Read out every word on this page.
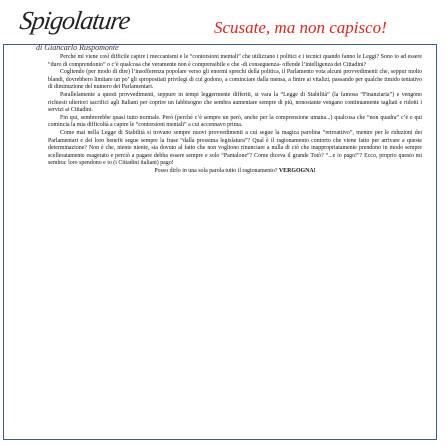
Spigolature
di Giancarlo Ruspomonte
Scusate, ma non capisco!

Perché mi viene così difficile capire i meccanismi e le “contorsioni mentali” che utilizzano i politici e i tecnici quando fanno le Leggi? Sono io ad essere “duro di comprendonio” o c’è qualcosa che veramente non è comprensibile e che -di conseguenza- offende l’intelligenza dei Cittadini?

Cogliendo (per modo di dire) l’insofferenza popolare verso gli enormi sprechi della politica, il Parlamento vota alcuni provvedimenti che, seppur molto blandi, dovrebbero limitare un po’ gli spropositati privilegi di cui godono, a cominciare dalla mensa, a finire ai vitalizi, passando per qualche timido tentativo di diminuzione del numero dei Parlamentari.

Parallelamente a questi provvedimenti, seppure in tempi leggermente differiti, si vara la “Legge di Stabilità” (la famosa “Finanziaria”) e vengono richiesti ulteriori sacrifici agli Italiani per coprire un fabbisogno che sembra aumentare sempre di più, nonostante vengano continuamente tagliati e ridotti i servizi ai Cittadini.

Fin qui, sembrerebbe quasi tutto normale. Però (perché c’è sempre un però, anche per la comprensione umana...) qualcosa che “non quadra” c’è e qui comincia la mia difficoltà a capire le “contorsioni mentali” a cui accennavo prima.

Come mai nella Legge di Stabilità si trovano sempre nuovi provvedimenti a cui segue la magica parolina “retroattivo”, mentre per le riduzioni dei Parlamentari e dei loro benefit segue sempre la frase “dalla prossima legislatura”? Qual è il ragionamento contorto che viene fatto per arrivare a queste determinazione? Non è che, niente niente, sia dovuto al fatto che non vogliono rinunciare a nulla di ciò che inappropriatamente prendono in modo sempre scelleratamente esagerato e perciò a pagare debba essere sempre e solo “Pantalone”? Come diceva il grande Totò? “...e io pago!”? Ecco, proprio questo mi sembra: loro spendono e io (i Cittadini italiani) pago!

Posso dirlo in una sola parola tutto il ragionamento? VERGOGNA!
